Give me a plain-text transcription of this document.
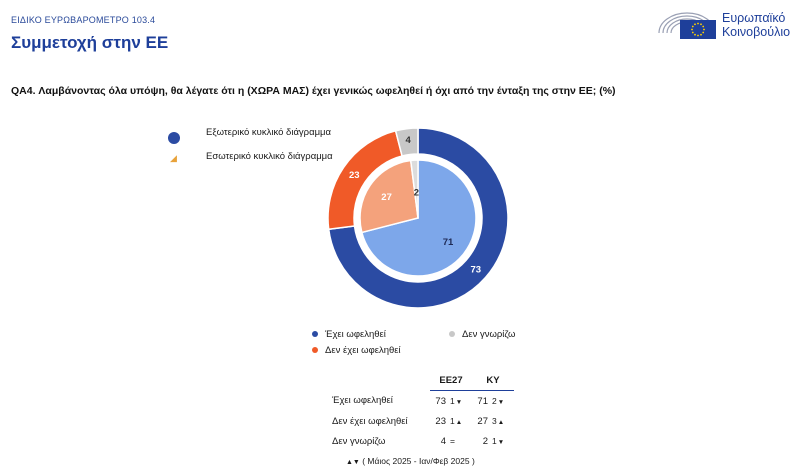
ΕΙΔΙΚΟ ΕΥΡΩΒΑΡΟΜΕΤΡΟ 103.4
Συμμετοχή στην ΕΕ
Ευρωπαϊκό
Κοινοβούλιο
QA4. Λαμβάνοντας όλα υπόψη, θα λέγατε ότι η (ΧΩΡΑ ΜΑΣ) έχει γενικώς ωφεληθεί ή όχι από την ένταξη της στην ΕΕ; (%)
Εξωτερικό κυκλικό διάγραμμα
◢	Εσωτερικό κυκλικό διάγραμμα
73
23
4
71
27 2
Έχει ωφεληθεί	Δεν γνωρίζω
Δεν έχει ωφεληθεί
	EE27		KY	
Έχει ωφεληθεί	73	1▼	71	2▼
Δεν έχει ωφεληθεί	23	1▲	27	3▲
Δεν γνωρίζω	4	=	2	1▼
▲▼ ( Μάιος 2025 - Ιαν/Φεβ 2025 )
